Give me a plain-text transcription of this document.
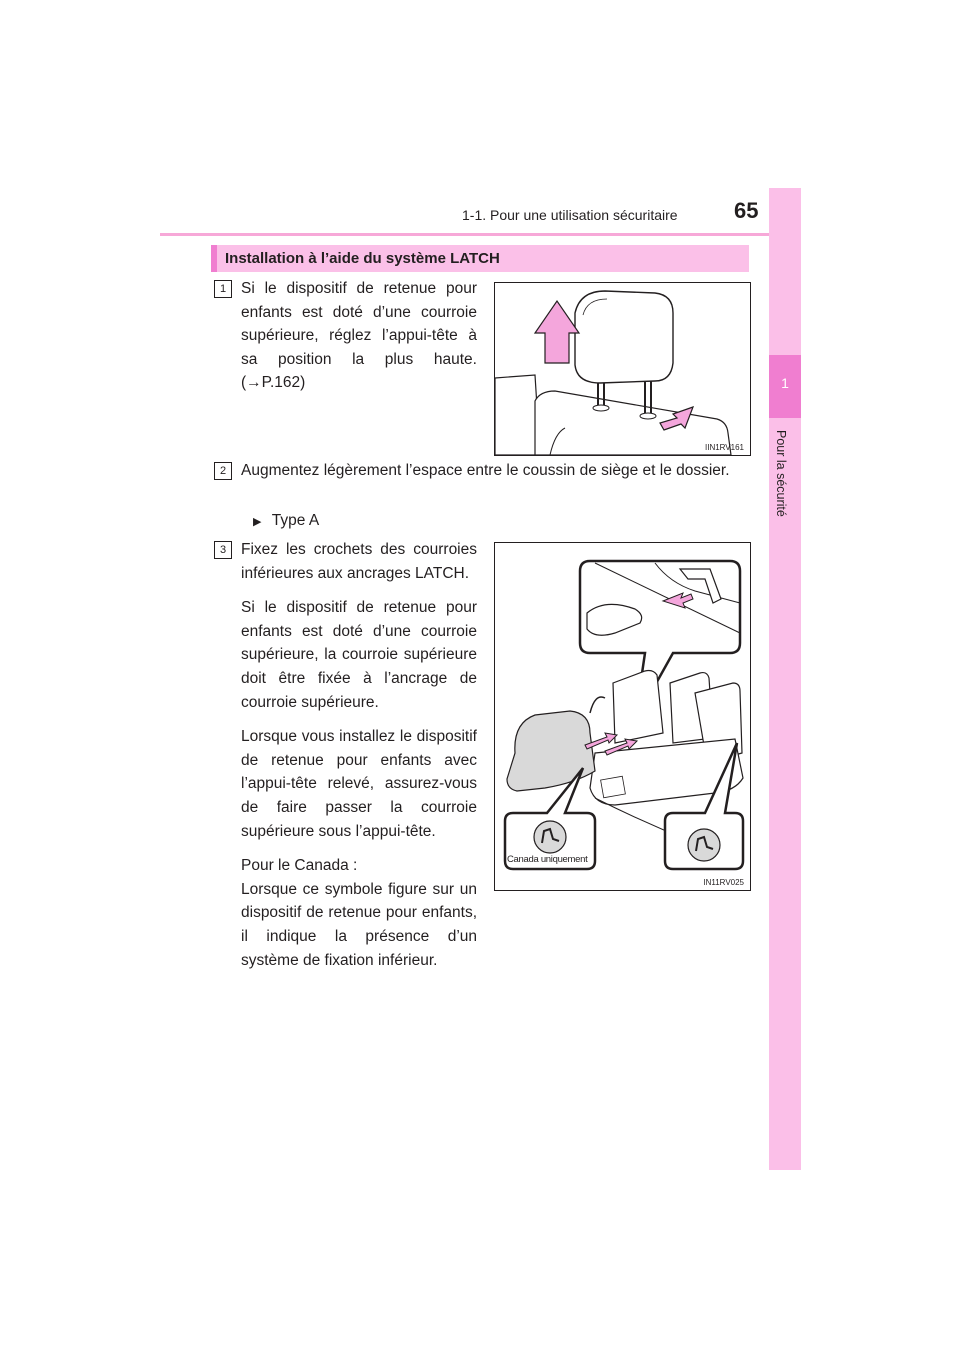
1-1. Pour une utilisation sécuritaire	65
1
Pour la sécurité
Installation à l’aide du système LATCH
1 Si le dispositif de retenue pour enfants est doté d’une courroie supérieure, réglez l’appui-tête à sa position la plus haute. (→P.162)

IIN1RV161
2 Augmentez légèrement l’espace entre le coussin de siège et le dossier.

▶ Type A
3 Fixez les crochets des courroies inférieures aux ancrages LATCH.

Si le dispositif de retenue pour enfants est doté d’une courroie supérieure, la courroie supérieure doit être fixée à l’ancrage de courroie supérieure.

Lorsque vous installez le dispositif de retenue pour enfants avec l’appui-tête relevé, assurez-vous de faire passer la courroie supérieure sous l’appui-tête.

Pour le Canada :
Lorsque ce symbole figure sur un dispositif de retenue pour enfants, il indique la présence d’un système de fixation inférieur.

Canada uniquement
IN11RV025
